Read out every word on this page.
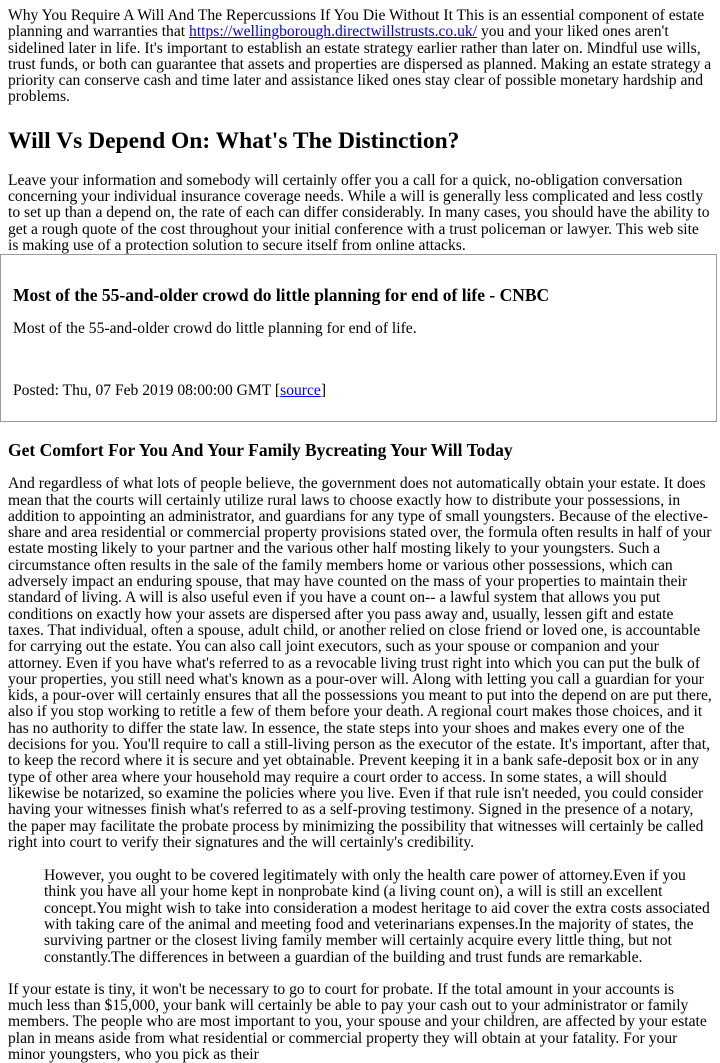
Why You Require A Will And The Repercussions If You Die Without It This is an essential component of estate planning and warranties that https://wellingborough.directwillstrusts.co.uk/ you and your liked ones aren't sidelined later in life. It's important to establish an estate strategy earlier rather than later on. Mindful use wills, trust funds, or both can guarantee that assets and properties are dispersed as planned. Making an estate strategy a priority can conserve cash and time later and assistance liked ones stay clear of possible monetary hardship and problems.

Will Vs Depend On: What's The Distinction?

Leave your information and somebody will certainly offer you a call for a quick, no-obligation conversation concerning your individual insurance coverage needs. While a will is generally less complicated and less costly to set up than a depend on, the rate of each can differ considerably. In many cases, you should have the ability to get a rough quote of the cost throughout your initial conference with a trust policeman or lawyer. This web site is making use of a protection solution to secure itself from online attacks.

Most of the 55-and-older crowd do little planning for end of life - CNBC

Most of the 55-and-older crowd do little planning for end of life.

Posted: Thu, 07 Feb 2019 08:00:00 GMT [source]

Get Comfort For You And Your Family Bycreating Your Will Today

And regardless of what lots of people believe, the government does not automatically obtain your estate. It does mean that the courts will certainly utilize rural laws to choose exactly how to distribute your possessions, in addition to appointing an administrator, and guardians for any type of small youngsters. Because of the elective-share and area residential or commercial property provisions stated over, the formula often results in half of your estate mosting likely to your partner and the various other half mosting likely to your youngsters. Such a circumstance often results in the sale of the family members home or various other possessions, which can adversely impact an enduring spouse, that may have counted on the mass of your properties to maintain their standard of living. A will is also useful even if you have a count on-- a lawful system that allows you put conditions on exactly how your assets are dispersed after you pass away and, usually, lessen gift and estate taxes. That individual, often a spouse, adult child, or another relied on close friend or loved one, is accountable for carrying out the estate. You can also call joint executors, such as your spouse or companion and your attorney. Even if you have what's referred to as a revocable living trust right into which you can put the bulk of your properties, you still need what's known as a pour-over will. Along with letting you call a guardian for your kids, a pour-over will certainly ensures that all the possessions you meant to put into the depend on are put there, also if you stop working to retitle a few of them before your death. A regional court makes those choices, and it has no authority to differ the state law. In essence, the state steps into your shoes and makes every one of the decisions for you. You'll require to call a still-living person as the executor of the estate. It's important, after that, to keep the record where it is secure and yet obtainable. Prevent keeping it in a bank safe-deposit box or in any type of other area where your household may require a court order to access. In some states, a will should likewise be notarized, so examine the policies where you live. Even if that rule isn't needed, you could consider having your witnesses finish what's referred to as a self-proving testimony. Signed in the presence of a notary, the paper may facilitate the probate process by minimizing the possibility that witnesses will certainly be called right into court to verify their signatures and the will certainly's credibility.

However, you ought to be covered legitimately with only the health care power of attorney.Even if you think you have all your home kept in nonprobate kind (a living count on), a will is still an excellent concept.You might wish to take into consideration a modest heritage to aid cover the extra costs associated with taking care of the animal and meeting food and veterinarians expenses.In the majority of states, the surviving partner or the closest living family member will certainly acquire every little thing, but not constantly.The differences in between a guardian of the building and trust funds are remarkable.

If your estate is tiny, it won't be necessary to go to court for probate. If the total amount in your accounts is much less than $15,000, your bank will certainly be able to pay your cash out to your administrator or family members. The people who are most important to you, your spouse and your children, are affected by your estate plan in means aside from what residential or commercial property they will obtain at your fatality. For your minor youngsters, who you pick as their
